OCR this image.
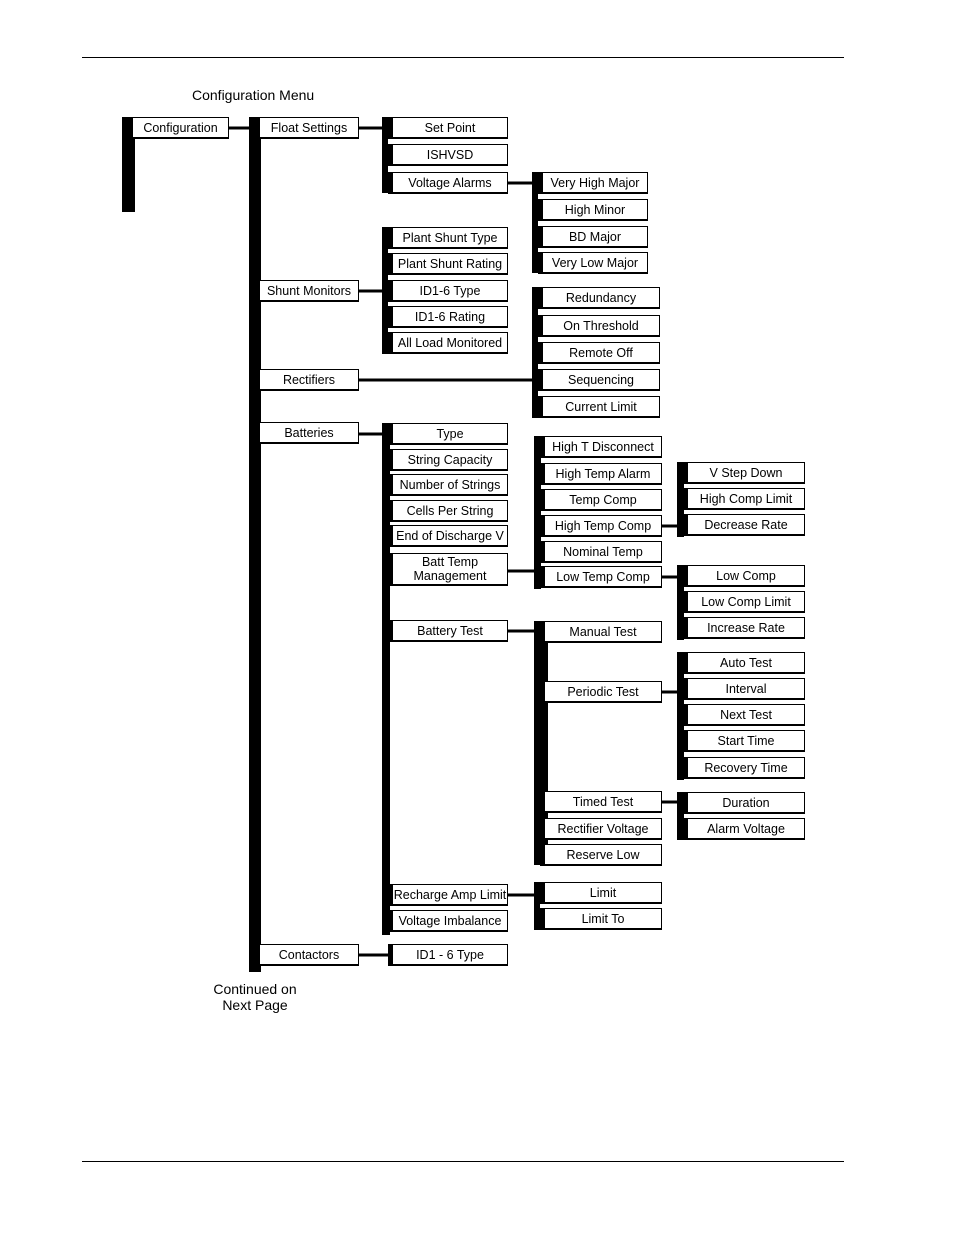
Configuration Menu
Configuration	Float Settings
Shunt Monitors
Rectifiers
Batteries
Contactors
Set Point
ISHVSD
Voltage Alarms
Plant Shunt Type
Plant Shunt Rating
ID1-6 Type
ID1-6 Rating
All Load Monitored
Type
String Capacity
Number of Strings
Cells Per String
End of Discharge V
Batt Temp
Management
Battery Test
Recharge Amp Limit
Voltage Imbalance
ID1 - 6 Type
Very High Major
High Minor
BD Major
Very Low Major
Redundancy
On Threshold
Remote Off
Sequencing
Current Limit
High T Disconnect
High Temp Alarm
Temp Comp
High Temp Comp
Nominal Temp
Low Temp Comp
Manual Test
Periodic Test
Timed Test
Rectifier Voltage
Reserve Low
Limit
Limit To
V Step Down
High Comp Limit
Decrease Rate
Low Comp
Low Comp Limit
Increase Rate
Auto Test
Interval
Next Test
Start Time
Recovery Time
Duration
Alarm Voltage
Continued on
Next Page
